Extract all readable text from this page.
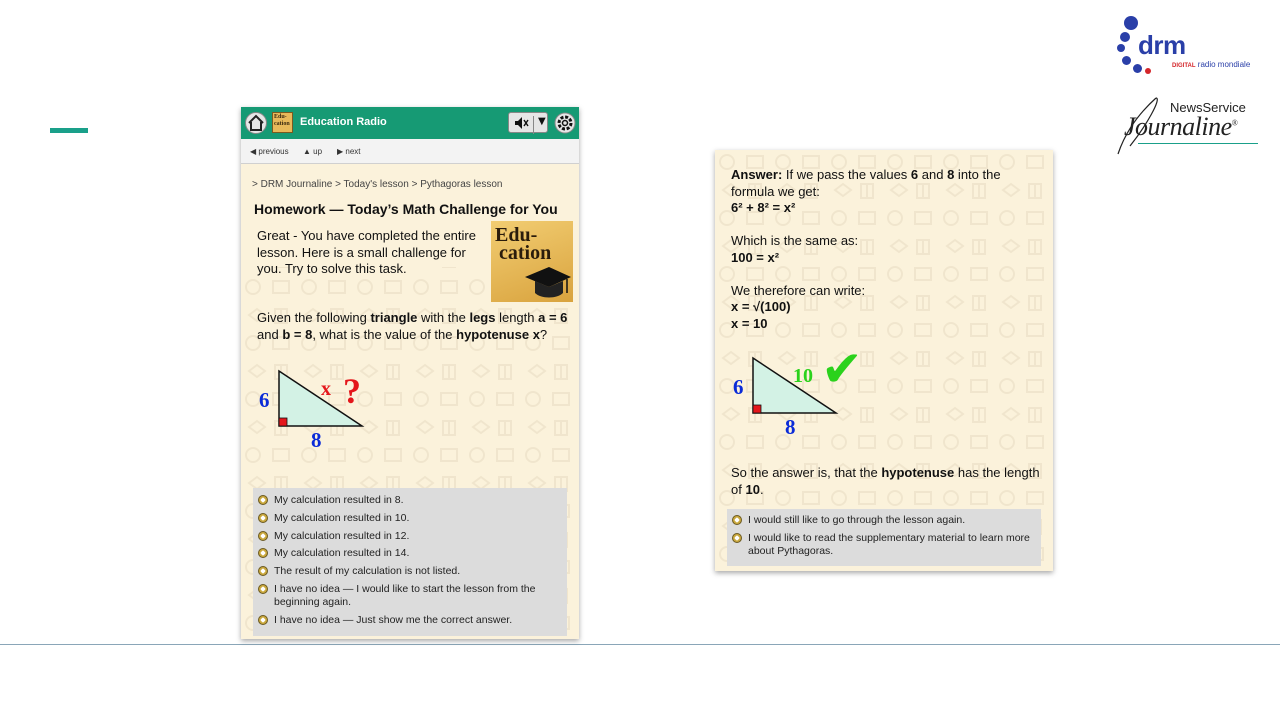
drm
DIGITAL radio mondiale
NewsService
Journaline®
Edu-cation Education Radio	▼
◀ previous ▲ up ▶ next
> DRM Journaline > Today's lesson > Pythagoras lesson
Homework — Today’s Math Challenge for You
Great - You have completed the entire lesson. Here is a small challenge for you. Try to solve this task.
Edu-
cation
Given the following triangle with the legs length a = 6 and b = 8, what is the value of the hypotenuse x?
6
8
x ?
My calculation resulted in 8.
My calculation resulted in 10.
My calculation resulted in 12.
My calculation resulted in 14.
The result of my calculation is not listed.
I have no idea — I would like to start the lesson from the beginning again.
I have no idea — Just show me the correct answer.

Answer: If we pass the values 6 and 8 into the formula we get:
6² + 8² = x²

Which is the same as:
100 = x²

We therefore can write:
x = √(100)
x = 10

6
8
10 ✔
So the answer is, that the hypotenuse has the length of 10.
I would still like to go through the lesson again.
I would like to read the supplementary material to learn more about Pythagoras.
